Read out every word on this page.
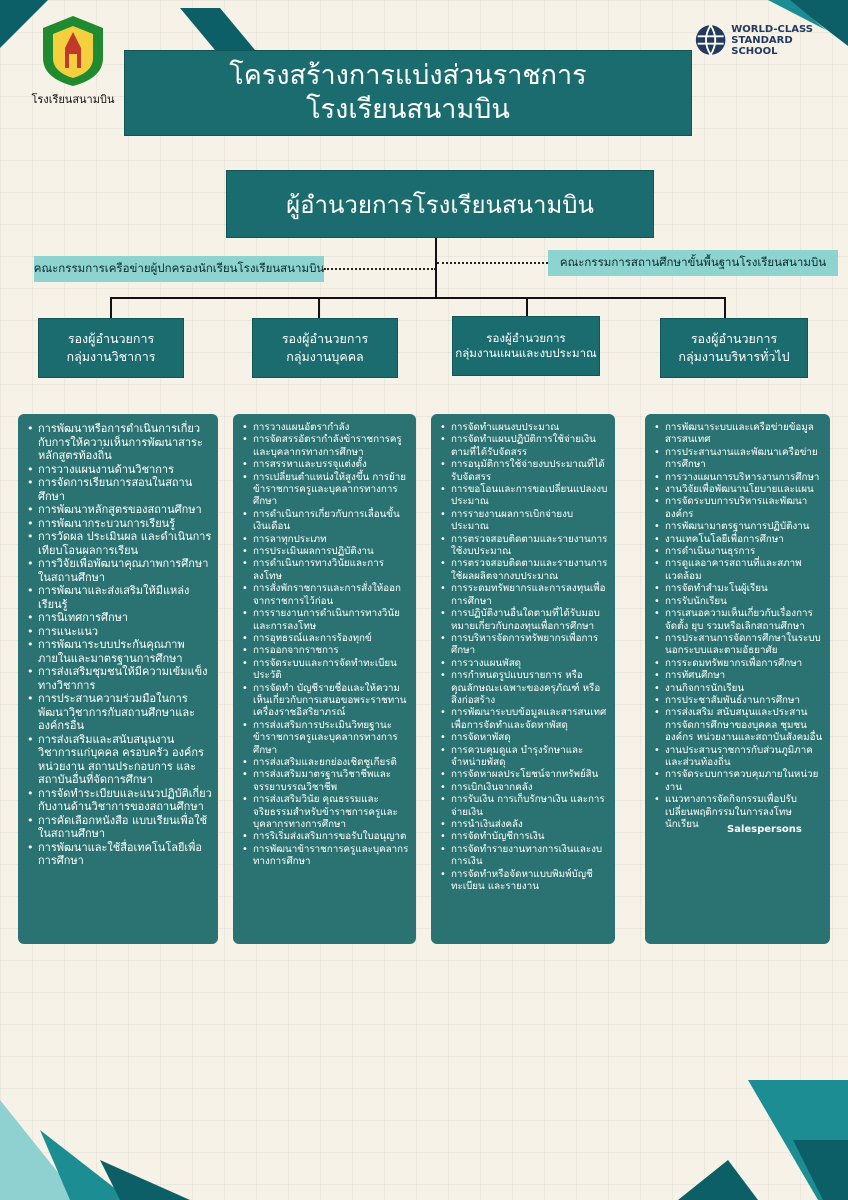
โรงเรียนสนามบิน
WORLD-CLASS
STANDARD SCHOOL
โครงสร้างการแบ่งส่วนราชการ
โรงเรียนสนามบิน
ผู้อำนวยการโรงเรียนสนามบิน
คณะกรรมการเครือข่ายผู้ปกครองนักเรียนโรงเรียนสนามบิน	คณะกรรมการสถานศึกษาขั้นพื้นฐานโรงเรียนสนามบิน
รองผู้อำนวยการ
กลุ่มงานวิชาการ
รองผู้อำนวยการ
กลุ่มงานบุคคล
รองผู้อำนวยการ
กลุ่มงานแผนและงบประมาณ
รองผู้อำนวยการ
กลุ่มงานบริหารทั่วไป
• การพัฒนาหรือการดำเนินการเกี่ยวกับการให้ความเห็นการพัฒนาสาระหลักสูตรท้องถิ่น
• การวางแผนงานด้านวิชาการ
• การจัดการเรียนการสอนในสถานศึกษา
• การพัฒนาหลักสูตรของสถานศึกษา
• การพัฒนากระบวนการเรียนรู้
• การวัดผล ประเมินผล และดำเนินการเทียบโอนผลการเรียน
• การวิจัยเพื่อพัฒนาคุณภาพการศึกษาในสถานศึกษา
• การพัฒนาและส่งเสริมให้มีแหล่งเรียนรู้
• การนิเทศการศึกษา
• การแนะแนว
• การพัฒนาระบบประกันคุณภาพภายในและมาตรฐานการศึกษา
• การส่งเสริมชุมชนให้มีความเข้มแข็งทางวิชาการ
• การประสานความร่วมมือในการพัฒนาวิชาการกับสถานศึกษาและองค์กรอื่น
• การส่งเสริมและสนับสนุนงานวิชาการแก่บุคคล ครอบครัว องค์กร หน่วยงาน สถานประกอบการ และสถาบันอื่นที่จัดการศึกษา
• การจัดทำระเบียบและแนวปฏิบัติเกี่ยวกับงานด้านวิชาการของสถานศึกษา
• การคัดเลือกหนังสือ แบบเรียนเพื่อใช้ในสถานศึกษา
• การพัฒนาและใช้สื่อเทคโนโลยีเพื่อการศึกษา
• การวางแผนอัตรากำลัง
• การจัดสรรอัตรากำลังข้าราชการครูและบุคลากรทางการศึกษา
• การสรรหาและบรรจุแต่งตั้ง
• การเปลี่ยนตำแหน่งให้สูงขึ้น การย้ายข้าราชการครูและบุคลากรทางการศึกษา
• การดำเนินการเกี่ยวกับการเลื่อนขั้นเงินเดือน
• การลาทุกประเภท
• การประเมินผลการปฏิบัติงาน
• การดำเนินการทางวินัยและการลงโทษ
• การสั่งพักราชการและการสั่งให้ออกจากราชการไว้ก่อน
• การรายงานการดำเนินการทางวินัยและการลงโทษ
• การอุทธรณ์และการร้องทุกข์
• การออกจากราชการ
• การจัดระบบและการจัดทำทะเบียนประวัติ
• การจัดทำ บัญชีรายชื่อและให้ความเห็นเกี่ยวกับการเสนอขอพระราชทานเครื่องราชอิสริยาภรณ์
• การส่งเสริมการประเมินวิทยฐานะข้าราชการครูและบุคลากรทางการศึกษา
• การส่งเสริมและยกย่องเชิดชูเกียรติ
• การส่งเสริมมาตรฐานวิชาชีพและจรรยาบรรณวิชาชีพ
• การส่งเสริมวินัย คุณธรรมและจริยธรรมสำหรับข้าราชการครูและบุคลากรทางการศึกษา
• การริเริ่มส่งเสริมการขอรับใบอนุญาต
• การพัฒนาข้าราชการครูและบุคลากรทางการศึกษา
• การจัดทำแผนงบประมาณ
• การจัดทำแผนปฏิบัติการใช้จ่ายเงินตามที่ได้รับจัดสรร
• การอนุมัติการใช้จ่ายงบประมาณที่ได้รับจัดสรร
• การขอโอนและการขอเปลี่ยนแปลงงบประมาณ
• การรายงานผลการเบิกจ่ายงบประมาณ
• การตรวจสอบติดตามและรายงานการใช้งบประมาณ
• การตรวจสอบติดตามและรายงานการใช้ผลผลิตจากงบประมาณ
• การระดมทรัพยากรและการลงทุนเพื่อการศึกษา
• การปฏิบัติงานอื่นใดตามที่ได้รับมอบหมายเกี่ยวกับกองทุนเพื่อการศึกษา
• การบริหารจัดการทรัพยากรเพื่อการศึกษา
• การวางแผนพัสดุ
• การกำหนดรูปแบบรายการ หรือคุณลักษณะเฉพาะของครุภัณฑ์ หรือสิ่งก่อสร้าง
• การพัฒนาระบบข้อมูลและสารสนเทศเพื่อการจัดทำและจัดหาพัสดุ
• การจัดหาพัสดุ
• การควบคุมดูแล บำรุงรักษาและจำหน่ายพัสดุ
• การจัดหาผลประโยชน์จากทรัพย์สิน
• การเบิกเงินจากคลัง
• การรับเงิน การเก็บรักษาเงิน และการจ่ายเงิน
• การนำเงินส่งคลัง
• การจัดทำบัญชีการเงิน
• การจัดทำรายงานทางการเงินและงบการเงิน
• การจัดทำหรือจัดหาแบบพิมพ์บัญชีทะเบียน และรายงาน
• การพัฒนาระบบและเครือข่ายข้อมูลสารสนเทศ
• การประสานงานและพัฒนาเครือข่ายการศึกษา
• การวางแผนการบริหารงานการศึกษา
• งานวิจัยเพื่อพัฒนานโยบายและแผน
• การจัดระบบการบริหารและพัฒนาองค์กร
• การพัฒนามาตรฐานการปฏิบัติงาน
• งานเทคโนโลยีเพื่อการศึกษา
• การดำเนินงานธุรการ
• การดูแลอาคารสถานที่และสภาพแวดล้อม
• การจัดทำสำมะโนผู้เรียน
• การรับนักเรียน
• การเสนอความเห็นเกี่ยวกับเรื่องการจัดตั้ง ยุบ รวมหรือเลิกสถานศึกษา
• การประสานการจัดการศึกษาในระบบ นอกระบบและตามอัธยาศัย
• การระดมทรัพยากรเพื่อการศึกษา
• การทัศนศึกษา
• งานกิจการนักเรียน
• การประชาสัมพันธ์งานการศึกษา
• การส่งเสริม สนับสนุนและประสานการจัดการศึกษาของบุคคล ชุมชน องค์กร หน่วยงานและสถาบันสังคมอื่น
• งานประสานราชการกับส่วนภูมิภาคและส่วนท้องถิ่น
• การจัดระบบการควบคุมภายในหน่วยงาน
• แนวทางการจัดกิจกรรมเพื่อปรับเปลี่ยนพฤติกรรมในการลงโทษนักเรียน	Salespersons
